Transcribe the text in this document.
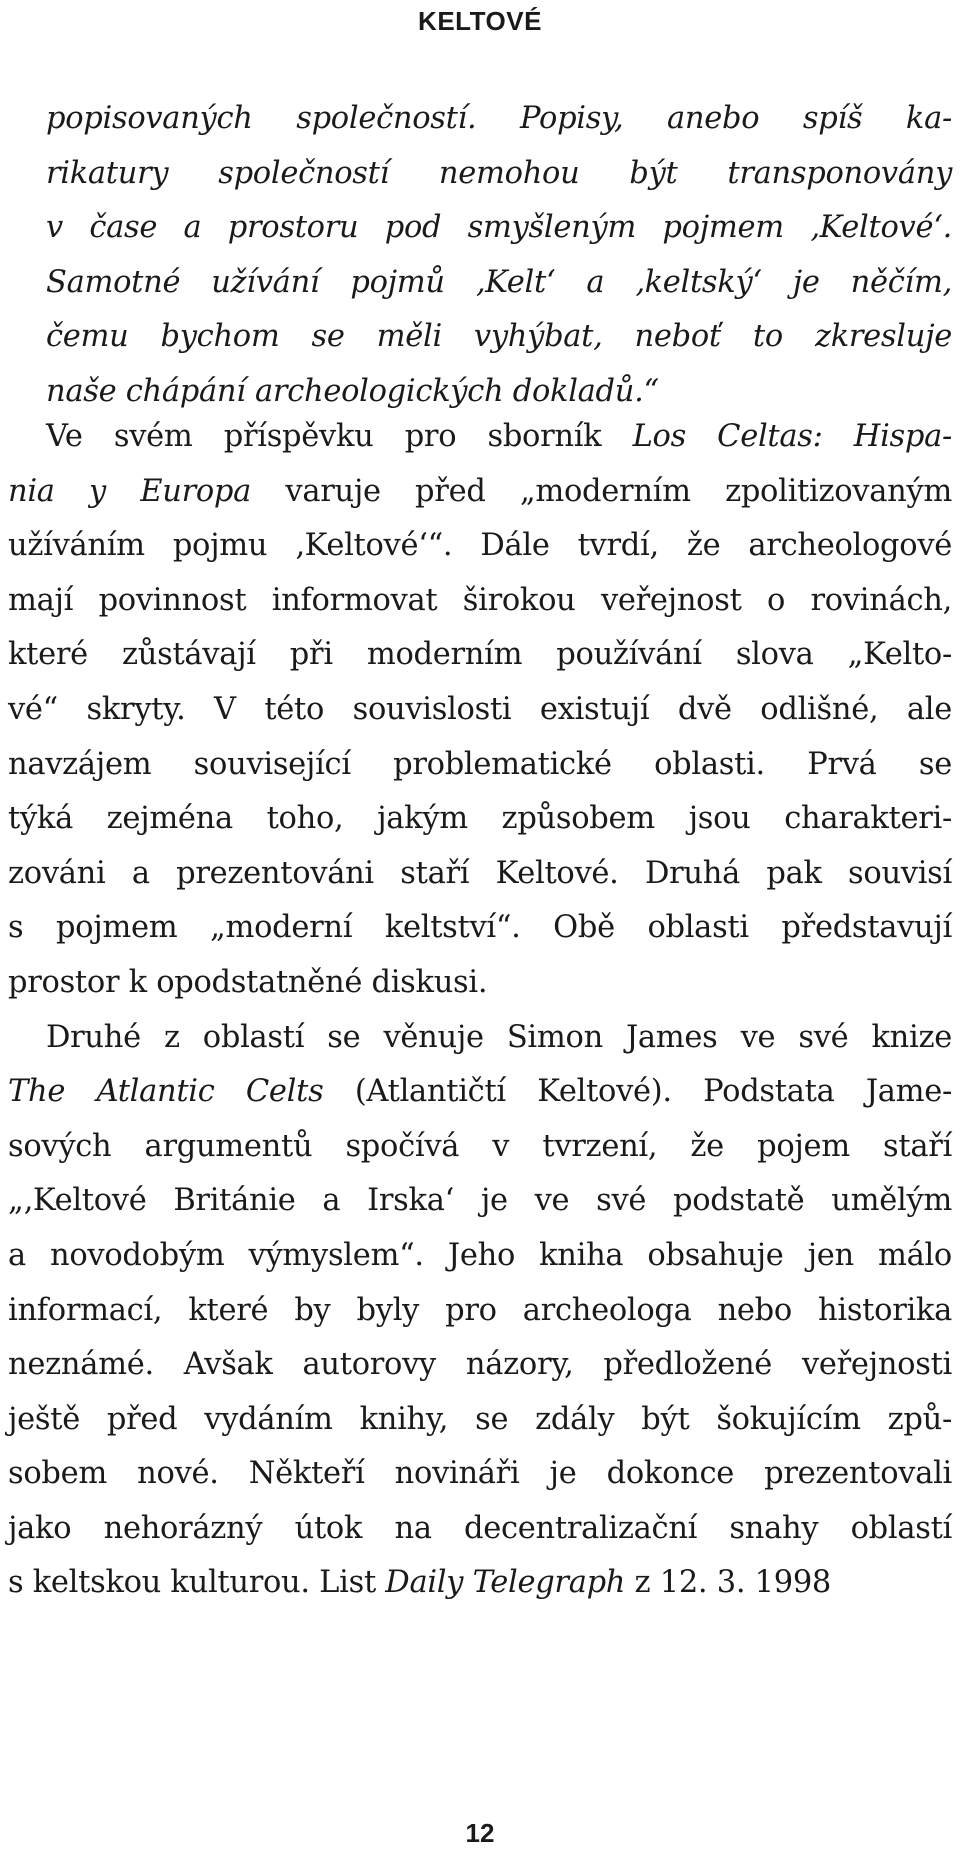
KELTOVÉ
popisovaných společností. Popisy, anebo spíš ka-
rikatury společností nemohou být transponovány
v čase a prostoru pod smyšleným pojmem ‚Keltové‘.
Samotné užívání pojmů ‚Kelt‘ a ‚keltský‘ je něčím,
čemu bychom se měli vyhýbat, neboť to zkresluje
naše chápání archeologických dokladů.“
Ve svém příspěvku pro sborník Los Celtas: Hispa-
nia y Europa varuje před „moderním zpolitizovaným
užíváním pojmu ‚Keltové‘“. Dále tvrdí, že archeologové
mají povinnost informovat širokou veřejnost o rovinách,
které zůstávají při moderním používání slova „Kelto-
vé“ skryty. V této souvislosti existují dvě odlišné, ale
navzájem související problematické oblasti. Prvá se
týká zejména toho, jakým způsobem jsou charakteri-
zováni a prezentováni staří Keltové. Druhá pak souvisí
s pojmem „moderní keltství“. Obě oblasti představují
prostor k opodstatněné diskusi.
Druhé z oblastí se věnuje Simon James ve své knize
The Atlantic Celts (Atlantičtí Keltové). Podstata Jame-
sových argumentů spočívá v tvrzení, že pojem staří
„‚Keltové Británie a Irska‘ je ve své podstatě umělým
a novodobým výmyslem“. Jeho kniha obsahuje jen málo
informací, které by byly pro archeologa nebo historika
neznámé. Avšak autorovy názory, předložené veřejnosti
ještě před vydáním knihy, se zdály být šokujícím způ-
sobem nové. Někteří novináři je dokonce prezentovali
jako nehorázný útok na decentralizační snahy oblastí
s keltskou kulturou. List Daily Telegraph z 12. 3. 1998
12
